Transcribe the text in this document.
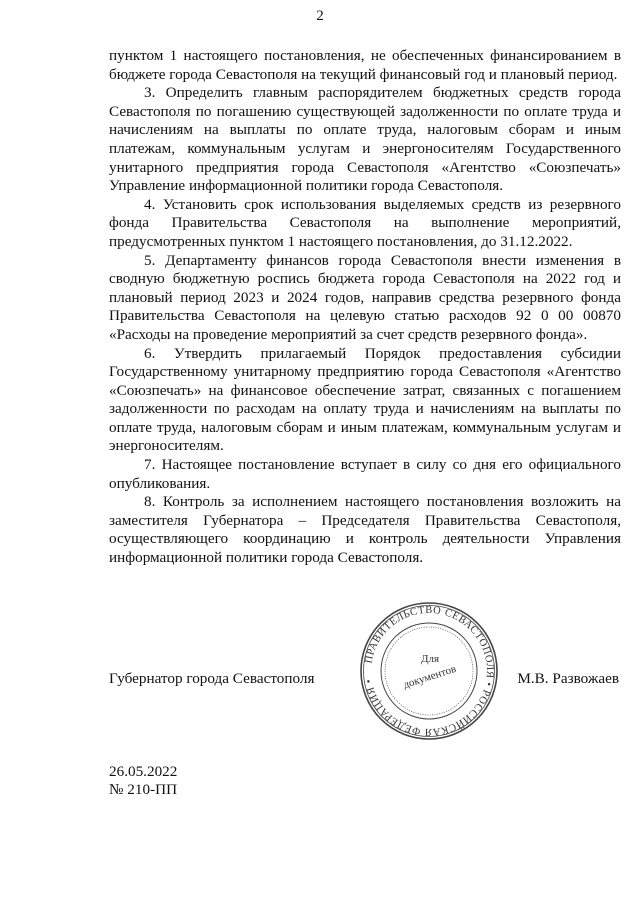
2

пунктом 1 настоящего постановления, не обеспеченных финансированием в бюджете города Севастополя на текущий финансовый год и плановый период.

3. Определить главным распорядителем бюджетных средств города Севастополя по погашению существующей задолженности по оплате труда и начислениям на выплаты по оплате труда, налоговым сборам и иным платежам, коммунальным услугам и энергоносителям Государственного унитарного предприятия города Севастополя «Агентство «Союзпечать» Управление информационной политики города Севастополя.

4. Установить срок использования выделяемых средств из резервного фонда Правительства Севастополя на выполнение мероприятий, предусмотренных пунктом 1 настоящего постановления, до 31.12.2022.

5. Департаменту финансов города Севастополя внести изменения в сводную бюджетную роспись бюджета города Севастополя на 2022 год и плановый период 2023 и 2024 годов, направив средства резервного фонда Правительства Севастополя на целевую статью расходов 92 0 00 00870 «Расходы на проведение мероприятий за счет средств резервного фонда».

6. Утвердить прилагаемый Порядок предоставления субсидии Государственному унитарному предприятию города Севастополя «Агентство «Союзпечать» на финансовое обеспечение затрат, связанных с погашением задолженности по расходам на оплату труда и начислениям на выплаты по оплате труда, налоговым сборам и иным платежам, коммунальным услугам и энергоносителям.

7. Настоящее постановление вступает в силу со дня его официального опубликования.

8. Контроль за исполнением настоящего постановления возложить на заместителя Губернатора – Председателя Правительства Севастополя, осуществляющего координацию и контроль деятельности Управления информационной политики города Севастополя.

Губернатор города Севастополя	М.В. Развожаев
ПРАВИТЕЛЬСТВО СЕВАСТОПОЛЯ • РОССИЙСКАЯ ФЕДЕРАЦИЯ •
Для
документов
26.05.2022
№ 210-ПП
